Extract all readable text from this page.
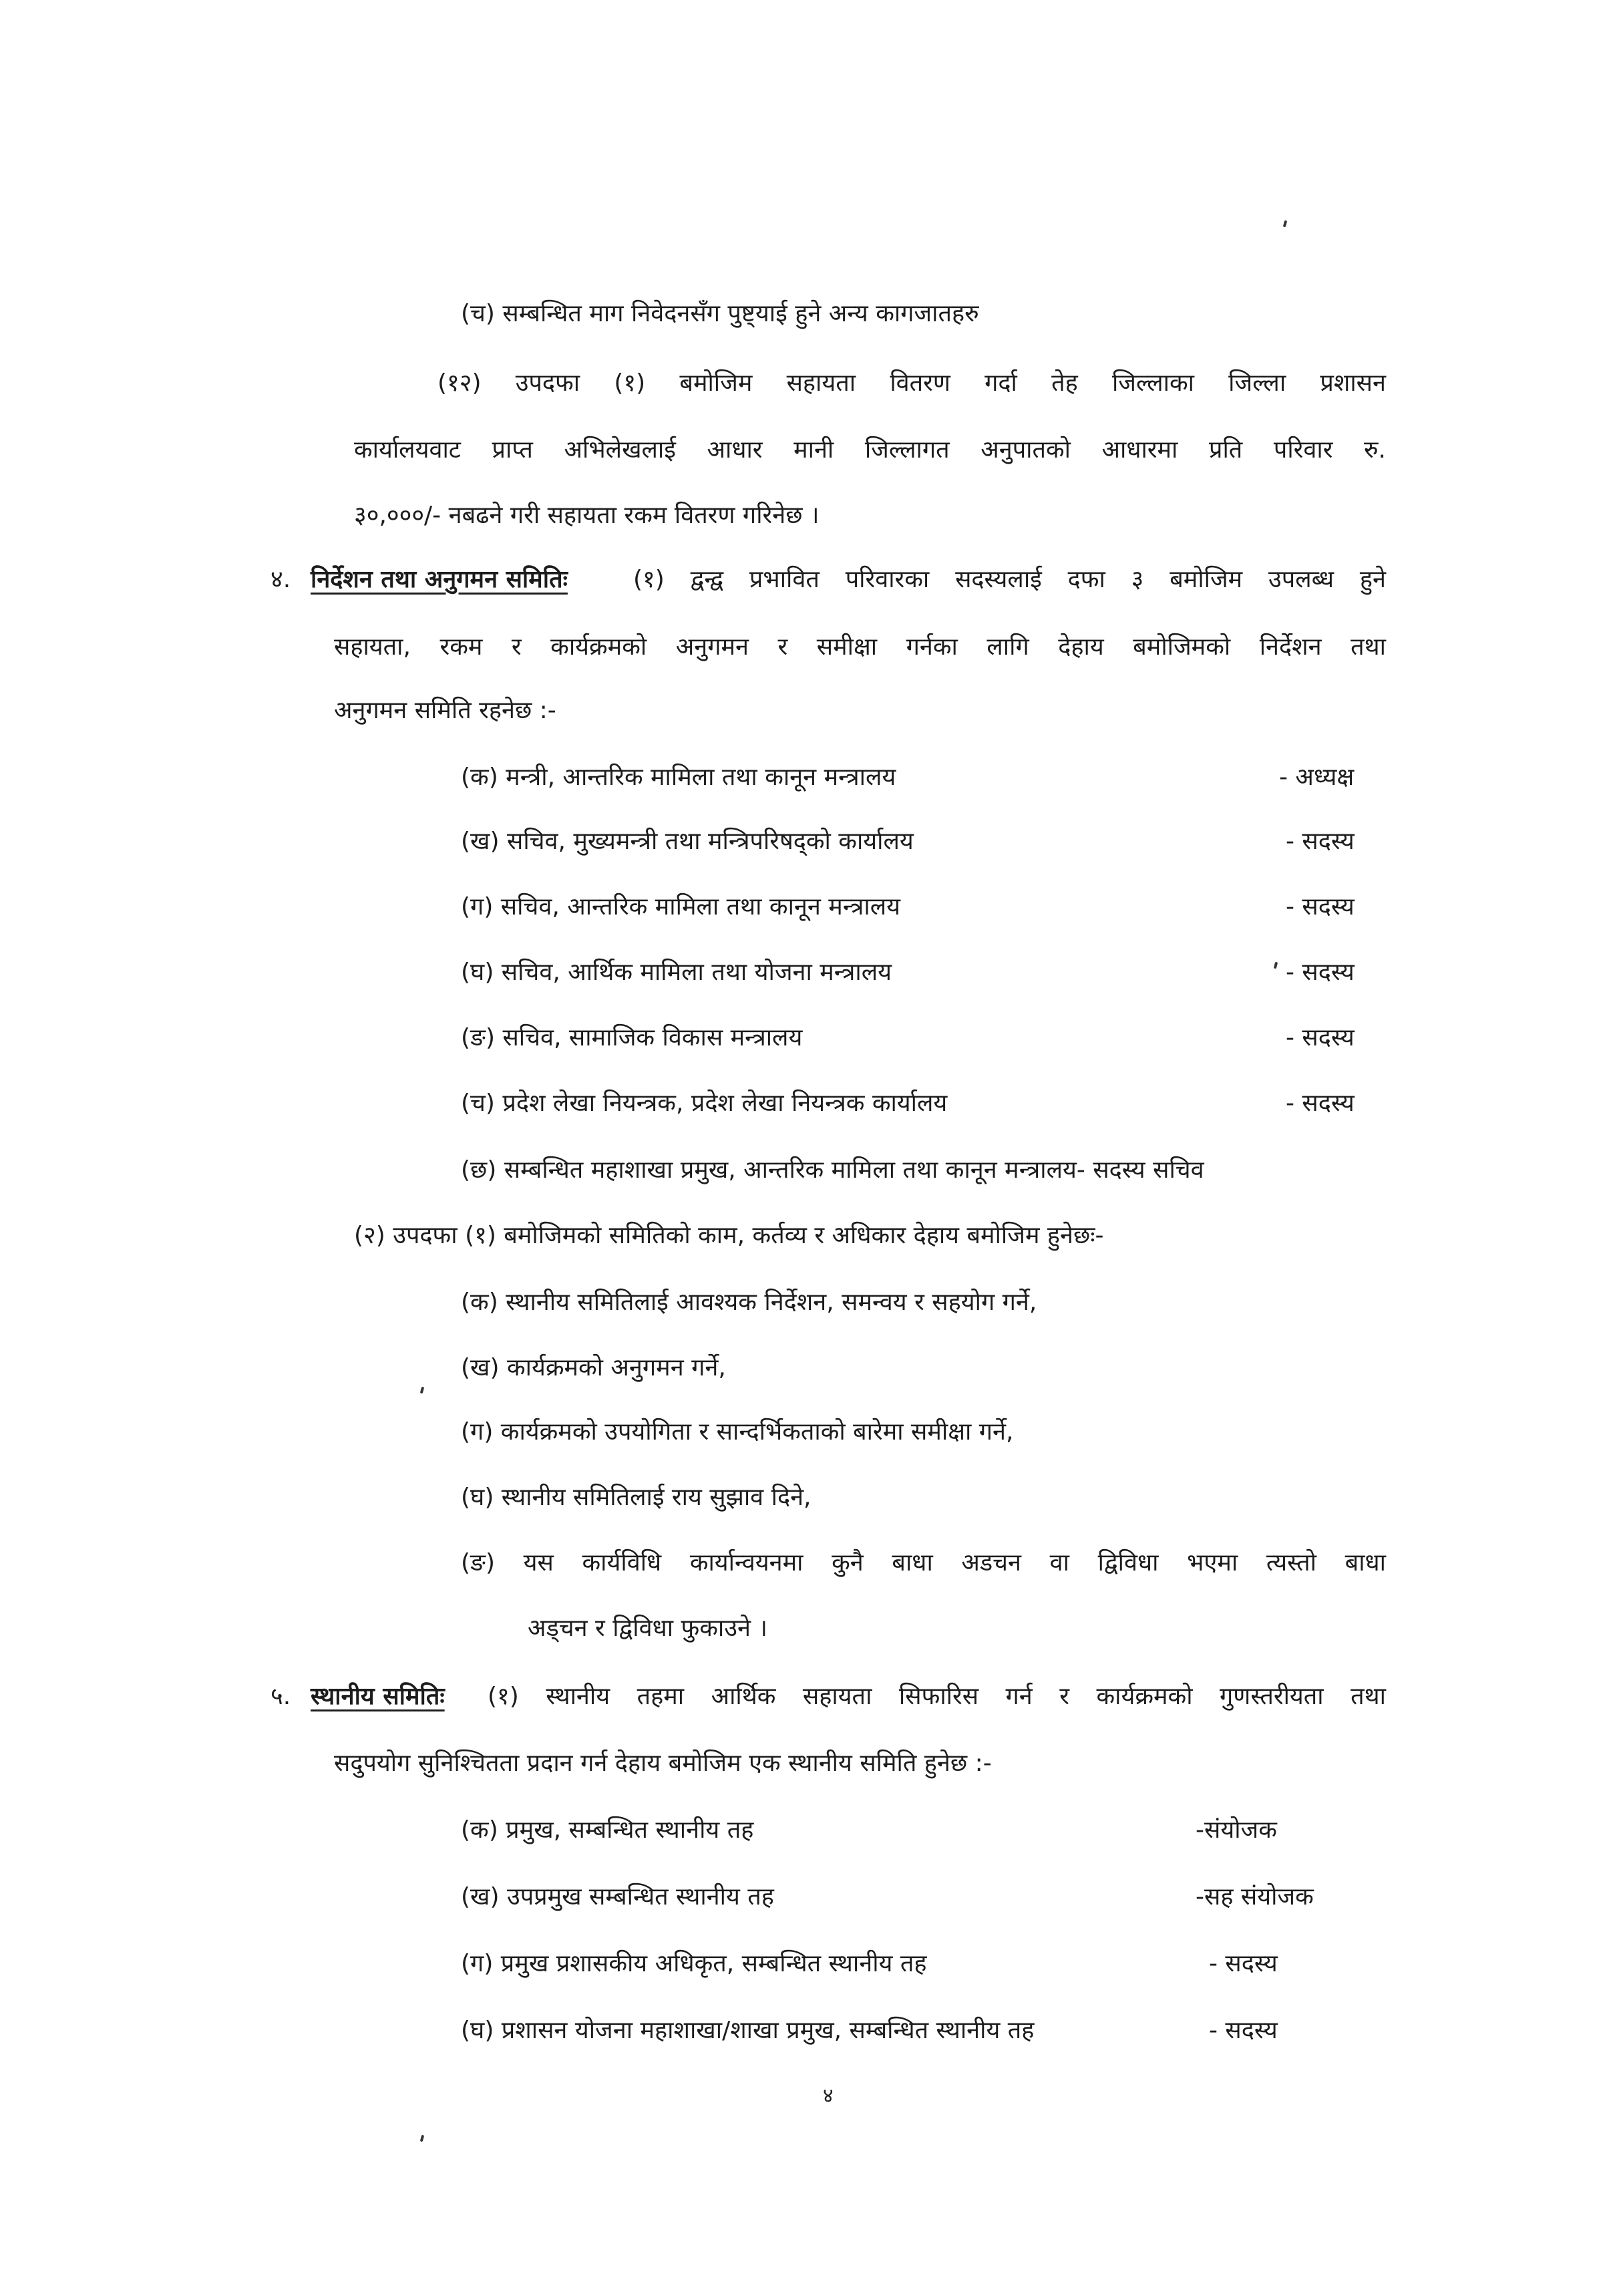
(च) सम्बन्धित माग निवेदनसँग पुष्ट्याई हुने अन्य कागजातहरु
(१२) उपदफा (१) बमोजिम सहायता वितरण गर्दा तेह जिल्लाका जिल्ला प्रशासन
कार्यालयवाट प्राप्त अभिलेखलाई आधार मानी जिल्लागत अनुपातको आधारमा प्रति परिवार रु.
३०,०००/- नबढने गरी सहायता रकम वितरण गरिनेछ ।
४. निर्देशन तथा अनुगमन समितिः	(१) द्वन्द्व प्रभावित परिवारका सदस्यलाई दफा ३ बमोजिम उपलब्ध हुने
सहायता, रकम र कार्यक्रमको अनुगमन र समीक्षा गर्नका लागि देहाय बमोजिमको निर्देशन तथा
अनुगमन समिति रहनेछ :-
(क) मन्त्री, आन्तरिक मामिला तथा कानून मन्त्रालय	- अध्यक्ष
(ख) सचिव, मुख्यमन्त्री तथा मन्त्रिपरिषद्को कार्यालय	- सदस्य
(ग) सचिव, आन्तरिक मामिला तथा कानून मन्त्रालय	- सदस्य
(घ) सचिव, आर्थिक मामिला तथा योजना मन्त्रालय	- सदस्य
(ङ) सचिव, सामाजिक विकास मन्त्रालय	- सदस्य
(च) प्रदेश लेखा नियन्त्रक, प्रदेश लेखा नियन्त्रक कार्यालय	- सदस्य
(छ) सम्बन्धित महाशाखा प्रमुख, आन्तरिक मामिला तथा कानून मन्त्रालय- सदस्य सचिव
(२) उपदफा (१) बमोजिमको समितिको काम, कर्तव्य र अधिकार देहाय बमोजिम हुनेछः-
(क) स्थानीय समितिलाई आवश्यक निर्देशन, समन्वय र सहयोग गर्ने,
(ख) कार्यक्रमको अनुगमन गर्ने,
(ग) कार्यक्रमको उपयोगिता र सान्दर्भिकताको बारेमा समीक्षा गर्ने,
(घ) स्थानीय समितिलाई राय सुझाव दिने,
(ङ) यस कार्यविधि कार्यान्वयनमा कुनै बाधा अडचन वा द्विविधा भएमा त्यस्तो बाधा
अड्चन र द्विविधा फुकाउने ।
५. स्थानीय समितिः (१) स्थानीय तहमा आर्थिक सहायता सिफारिस गर्न र कार्यक्रमको गुणस्तरीयता तथा
सदुपयोग सुनिश्चितता प्रदान गर्न देहाय बमोजिम एक स्थानीय समिति हुनेछ :-
(क) प्रमुख, सम्बन्धित स्थानीय तह	-संयोजक
(ख) उपप्रमुख सम्बन्धित स्थानीय तह	-सह संयोजक
(ग) प्रमुख प्रशासकीय अधिकृत, सम्बन्धित स्थानीय तह	- सदस्य
(घ) प्रशासन योजना महाशाखा/शाखा प्रमुख, सम्बन्धित स्थानीय तह	- सदस्य
४
